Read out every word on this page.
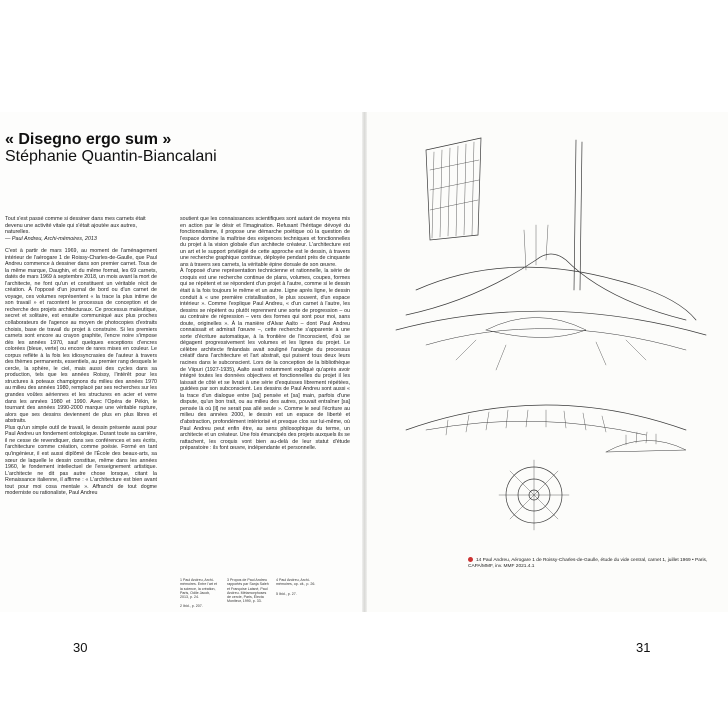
« Disegno ergo sum »
Stéphanie Quantin-Biancalani
Tout s'est passé comme si dessiner dans mes carnets était devenu une activité vitale qui s'était ajoutée aux autres, naturelles.
— Paul Andreu, Archi-mémoires, 2013

C'est à partir de mars 1969, au moment de l'aménagement intérieur de l'aérogare 1 de Roissy-Charles-de-Gaulle, que Paul Andreu commence à dessiner dans son premier carnet. Tous de la même marque, Daughin, et du même format, les 69 carnets, datés de mars 1969 à septembre 2018, un mois avant la mort de l'architecte, ne font qu'un et constituent un véritable récit de création. À l'opposé d'un journal de bord ou d'un carnet de voyage, ces volumes représentent « la trace la plus intime de son travail » et racontent le processus de conception et de recherche des projets architecturaux. Ce processus maïeutique, secret et solitaire, est ensuite communiqué aux plus proches collaborateurs de l'agence au moyen de photocopies d'extraits choisis, base de travail du projet à construire. Si les premiers carnets sont encore au crayon graphite, l'encre noire s'impose dès les années 1970, sauf quelques exceptions d'encres colorées (bleue, verte) ou encore de rares mises en couleur. Le corpus reflète à la fois les idiosyncrasies de l'auteur à travers des thèmes permanents, essentiels, au premier rang desquels le cercle, la sphère, le ciel, mais aussi des cycles dans sa production, tels que les années Roissy, l'intérêt pour les structures à poteaux champignons du milieu des années 1970 au milieu des années 1980, remplacé par ses recherches sur les grandes voûtes aériennes et les structures en acier et verre dans les années 1980 et 1990. Avec l'Opéra de Pékin, le tournant des années 1990-2000 marque une véritable rupture, alors que ses dessins deviennent de plus en plus libres et abstraits.

Plus qu'un simple outil de travail, le dessin présente aussi pour Paul Andreu un fondement ontologique. Durant toute sa carrière, il ne cesse de revendiquer, dans ses conférences et ses écrits, l'architecture comme création, comme poésie. Formé en tant qu'ingénieur, il est aussi diplômé de l'École des beaux-arts, sa sœur de laquelle le dessin constitue, même dans les années 1960, le fondement intellectuel de l'enseignement artistique. L'architecte ne dit pas autre chose lorsque, citant la Renaissance italienne, il affirme : « L'architecture est bien avant tout pour moi cosa mentale ». Affranchi de tout dogme moderniste ou rationaliste, Paul Andreu

soutient que les connaissances scientifiques sont autant de moyens mis en action par le désir et l'imagination. Refusant l'héritage dévoyé du fonctionnalisme, il propose une démarche poétique où la question de l'espace domine la maîtrise des exigences techniques et fonctionnelles du projet à la vision globale d'un architecte créateur. L'architecture est un art et le support privilégié de cette approche est le dessin, à travers une recherche graphique continue, déployée pendant près de cinquante ans à travers ses carnets, la véritable épine dorsale de son œuvre.

À l'opposé d'une représentation technicienne et rationnelle, la série de croquis est une recherche continue de plans, volumes, coupes, formes qui se répètent et se répondent d'un projet à l'autre, comme si le dessin était à la fois toujours le même et un autre. Ligne après ligne, le dessin conduit à « une première cristallisation, le plus souvent, d'un espace intérieur ». Comme l'explique Paul Andreu, « d'un carnet à l'autre, les dessins se répètent ou plutôt reprennent une sorte de progression – ou au contraire de régression – vers des formes qui sont pour moi, sans doute, originelles ». À la manière d'Alvar Aalto – dont Paul Andreu connaissait et admirait l'œuvre –, cette recherche s'apparente à une sorte d'écriture automatique, à la frontière de l'inconscient, d'où se dégagent progressivement les volumes et les lignes du projet. Le célèbre architecte finlandais avait souligné l'analogie du processus créatif dans l'architecture et l'art abstrait, qui puisent tous deux leurs racines dans le subconscient. Lors de la conception de la bibliothèque de Viipuri (1927-1935), Aalto avait notamment expliqué qu'après avoir intégré toutes les données objectives et fonctionnelles du projet il les laissait de côté et se livrait à une série d'esquisses librement répétées, guidées par son subconscient. Les dessins de Paul Andreu sont aussi « la trace d'un dialogue entre [sa] pensée et [sa] main, parfois d'une dispute, qu'un bon trait, ou au milieu des autres, pouvait entraîner [sa] pensée là où [il] ne serait pas allé seule ». Comme le seul l'écriture au milieu des années 2000, le dessin est un espace de liberté et d'abstraction, profondément intériorisé et presque clos sur lui-même, où Paul Andreu peut enfin être, au sens philosophique du terme, un architecte et un créateur. Une fois émancipés des projets auxquels ils se rattachent, les croquis vont bien au-delà de leur statut d'étude préparatoire : ils font œuvre, indépendante et personnelle.

1 Paul Andreu, Archi-mémoires. Entre l'art et la science, la création, Paris, Odile Jacob, 2013, p. 24.
2 Ibid., p. 207.
3 Propos de Paul Andreu rapportés par Sanja Saleh et Françoise Laisné, Paul Andreu. Métamorphoses de cercle, Paris, Électa Moniteur, 1990, p. 33.
4 Paul Andreu, Archi-mémoires, op. cit., p. 26.
5 Ibid., p. 27.
30	31
14 Paul Andreu, Aérogare 1 de Roissy-Charles-de-Gaulle, étude du vide central, carnet 1, juillet 1969 • Paris, CAPA/MMF, inv. MMF 2021.4.1
